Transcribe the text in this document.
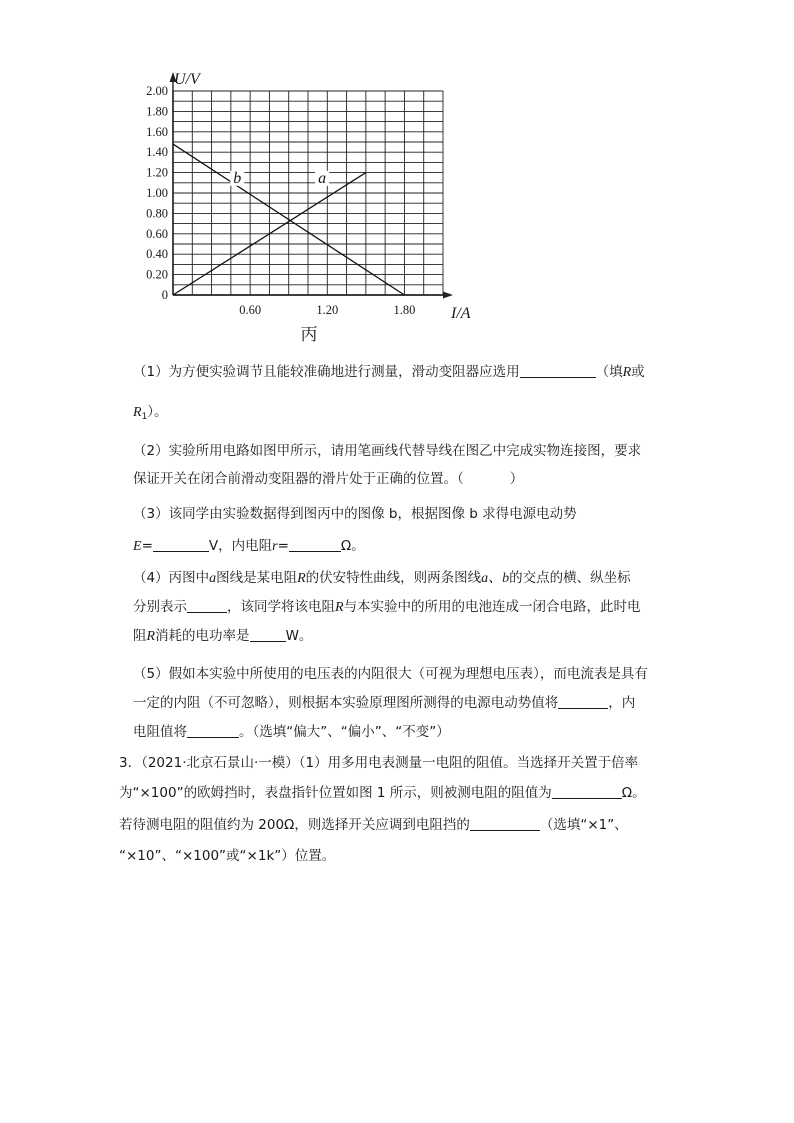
0
0.20
0.40
0.60
0.80
1.00
1.20
1.40
1.60
1.80
2.00
0.60	1.20	1.80
U/V
I/A
丙
b	a
（1）为方便实验调节且能较准确地进行测量，滑动变阻器应选用	（填R或
$R_1$）。
（2）实验所用电路如图甲所示，请用笔画线代替导线在图乙中完成实物连接图，要求
保证开关在闭合前滑动变阻器的滑片处于正确的位置。（	）
（3）该同学由实验数据得到图丙中的图像 b，根据图像 b 求得电源电动势
E=	V，内电阻r=	Ω。
（4）丙图中a图线是某电阻R的伏安特性曲线，则两条图线a、b的交点的横、纵坐标
分别表示	，该同学将该电阻R与本实验中的所用的电池连成一闭合电路，此时电
阻R消耗的电功率是	W。
（5）假如本实验中所使用的电压表的内阻很大（可视为理想电压表），而电流表是具有
一定的内阻（不可忽略），则根据本实验原理图所测得的电源电动势值将	，内
电阻值将	。（选填“偏大”、“偏小”、“不变”）
3．（2021·北京石景山·一模）（1）用多用电表测量一电阻的阻值。当选择开关置于倍率
为“×100”的欧姆挡时，表盘指针位置如图 1 所示，则被测电阻的阻值为	Ω。
若待测电阻的阻值约为 200Ω，则选择开关应调到电阻挡的	（选填“×1”、
“×10”、“×100”或“×1k”）位置。
